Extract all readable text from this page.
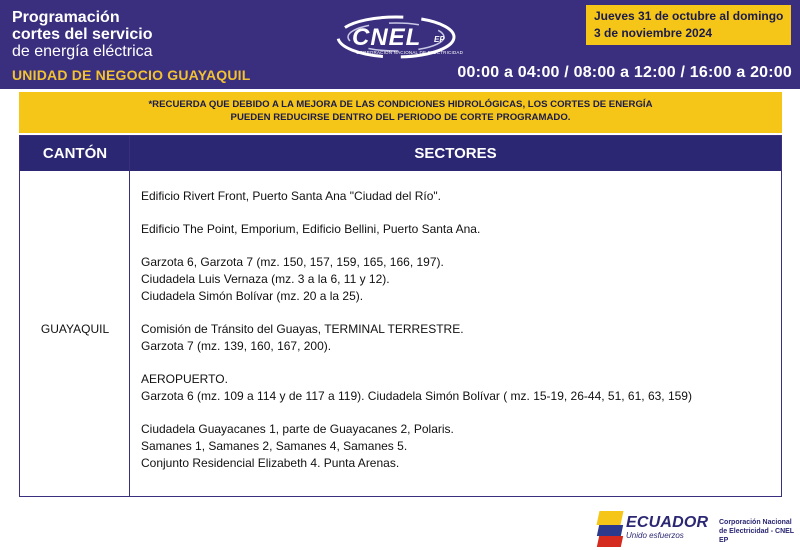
Programación
cortes del servicio
de energía eléctrica
UNIDAD DE NEGOCIO GUAYAQUIL
CNEL EP
CORPORACIÓN NACIONAL DE ELECTRICIDAD
Jueves 31 de octubre al domingo
3 de noviembre 2024
00:00 a 04:00 / 08:00 a 12:00 / 16:00 a 20:00
*RECUERDA QUE DEBIDO A LA MEJORA DE LAS CONDICIONES HIDROLÓGICAS, LOS CORTES DE ENERGÍA
PUEDEN REDUCIRSE DENTRO DEL PERIODO DE CORTE PROGRAMADO.
CANTÓN	SECTORES
GUAYAQUIL
Edificio Rivert Front, Puerto Santa Ana "Ciudad del Río".
Edificio The Point, Emporium, Edificio Bellini, Puerto Santa Ana.
Garzota 6, Garzota 7 (mz. 150, 157, 159, 165, 166, 197).
Ciudadela Luis Vernaza (mz. 3 a la 6, 11 y 12).
Ciudadela Simón Bolívar (mz. 20 a la 25).
Comisión de Tránsito del Guayas, TERMINAL TERRESTRE.
Garzota 7 (mz. 139, 160, 167, 200).
AEROPUERTO.
Garzota 6 (mz. 109 a 114 y de 117 a 119). Ciudadela Simón Bolívar ( mz. 15-19, 26-44, 51, 61, 63, 159)
Ciudadela Guayacanes 1, parte de Guayacanes 2, Polaris.
Samanes 1, Samanes 2, Samanes 4, Samanes 5.
Conjunto Residencial Elizabeth 4. Punta Arenas.
ECUADOR
Unido esfuerzos
Corporación Nacional
de Electricidad - CNEL EP
